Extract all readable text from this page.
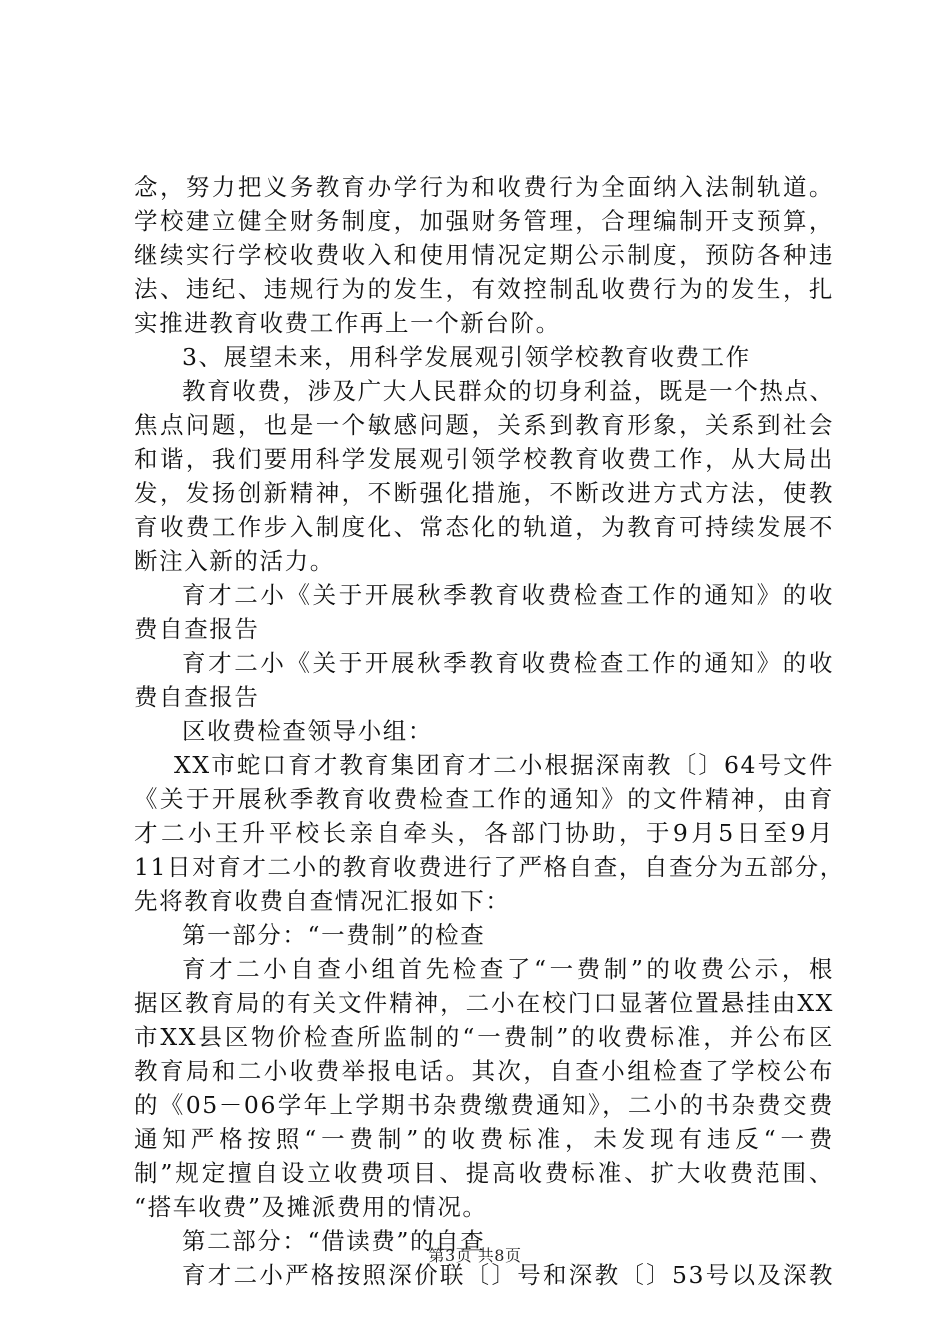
念，努力把义务教育办学行为和收费行为全面纳入法制轨道。
学校建立健全财务制度，加强财务管理，合理编制开支预算，
继续实行学校收费收入和使用情况定期公示制度，预防各种违
法、违纪、违规行为的发生，有效控制乱收费行为的发生，扎
实推进教育收费工作再上一个新台阶。
3、展望未来，用科学发展观引领学校教育收费工作
教育收费，涉及广大人民群众的切身利益，既是一个热点、
焦点问题，也是一个敏感问题，关系到教育形象，关系到社会
和谐，我们要用科学发展观引领学校教育收费工作，从大局出
发，发扬创新精神，不断强化措施，不断改进方式方法，使教
育收费工作步入制度化、常态化的轨道，为教育可持续发展不
断注入新的活力。
育才二小《关于开展秋季教育收费检查工作的通知》的收
费自查报告
育才二小《关于开展秋季教育收费检查工作的通知》的收
费自查报告
区收费检查领导小组：
XX市蛇口育才教育集团育才二小根据深南教〔〕64号文件
《关于开展秋季教育收费检查工作的通知》的文件精神，由育
才二小王升平校长亲自牵头，各部门协助，于9月5日至9月
11日对育才二小的教育收费进行了严格自查，自查分为五部分，
先将教育收费自查情况汇报如下：
第一部分：“一费制”的检查
育才二小自查小组首先检查了“一费制”的收费公示，根
据区教育局的有关文件精神，二小在校门口显著位置悬挂由XX
市XX县区物价检查所监制的“一费制”的收费标准，并公布区
教育局和二小收费举报电话。其次，自查小组检查了学校公布
的《05－06学年上学期书杂费缴费通知》，二小的书杂费交费
通知严格按照“一费制”的收费标准，未发现有违反“一费
制”规定擅自设立收费项目、提高收费标准、扩大收费范围、
“搭车收费”及摊派费用的情况。
第二部分：“借读费”的自查
育才二小严格按照深价联〔〕号和深教〔〕53号以及深教
第3页 共8页
